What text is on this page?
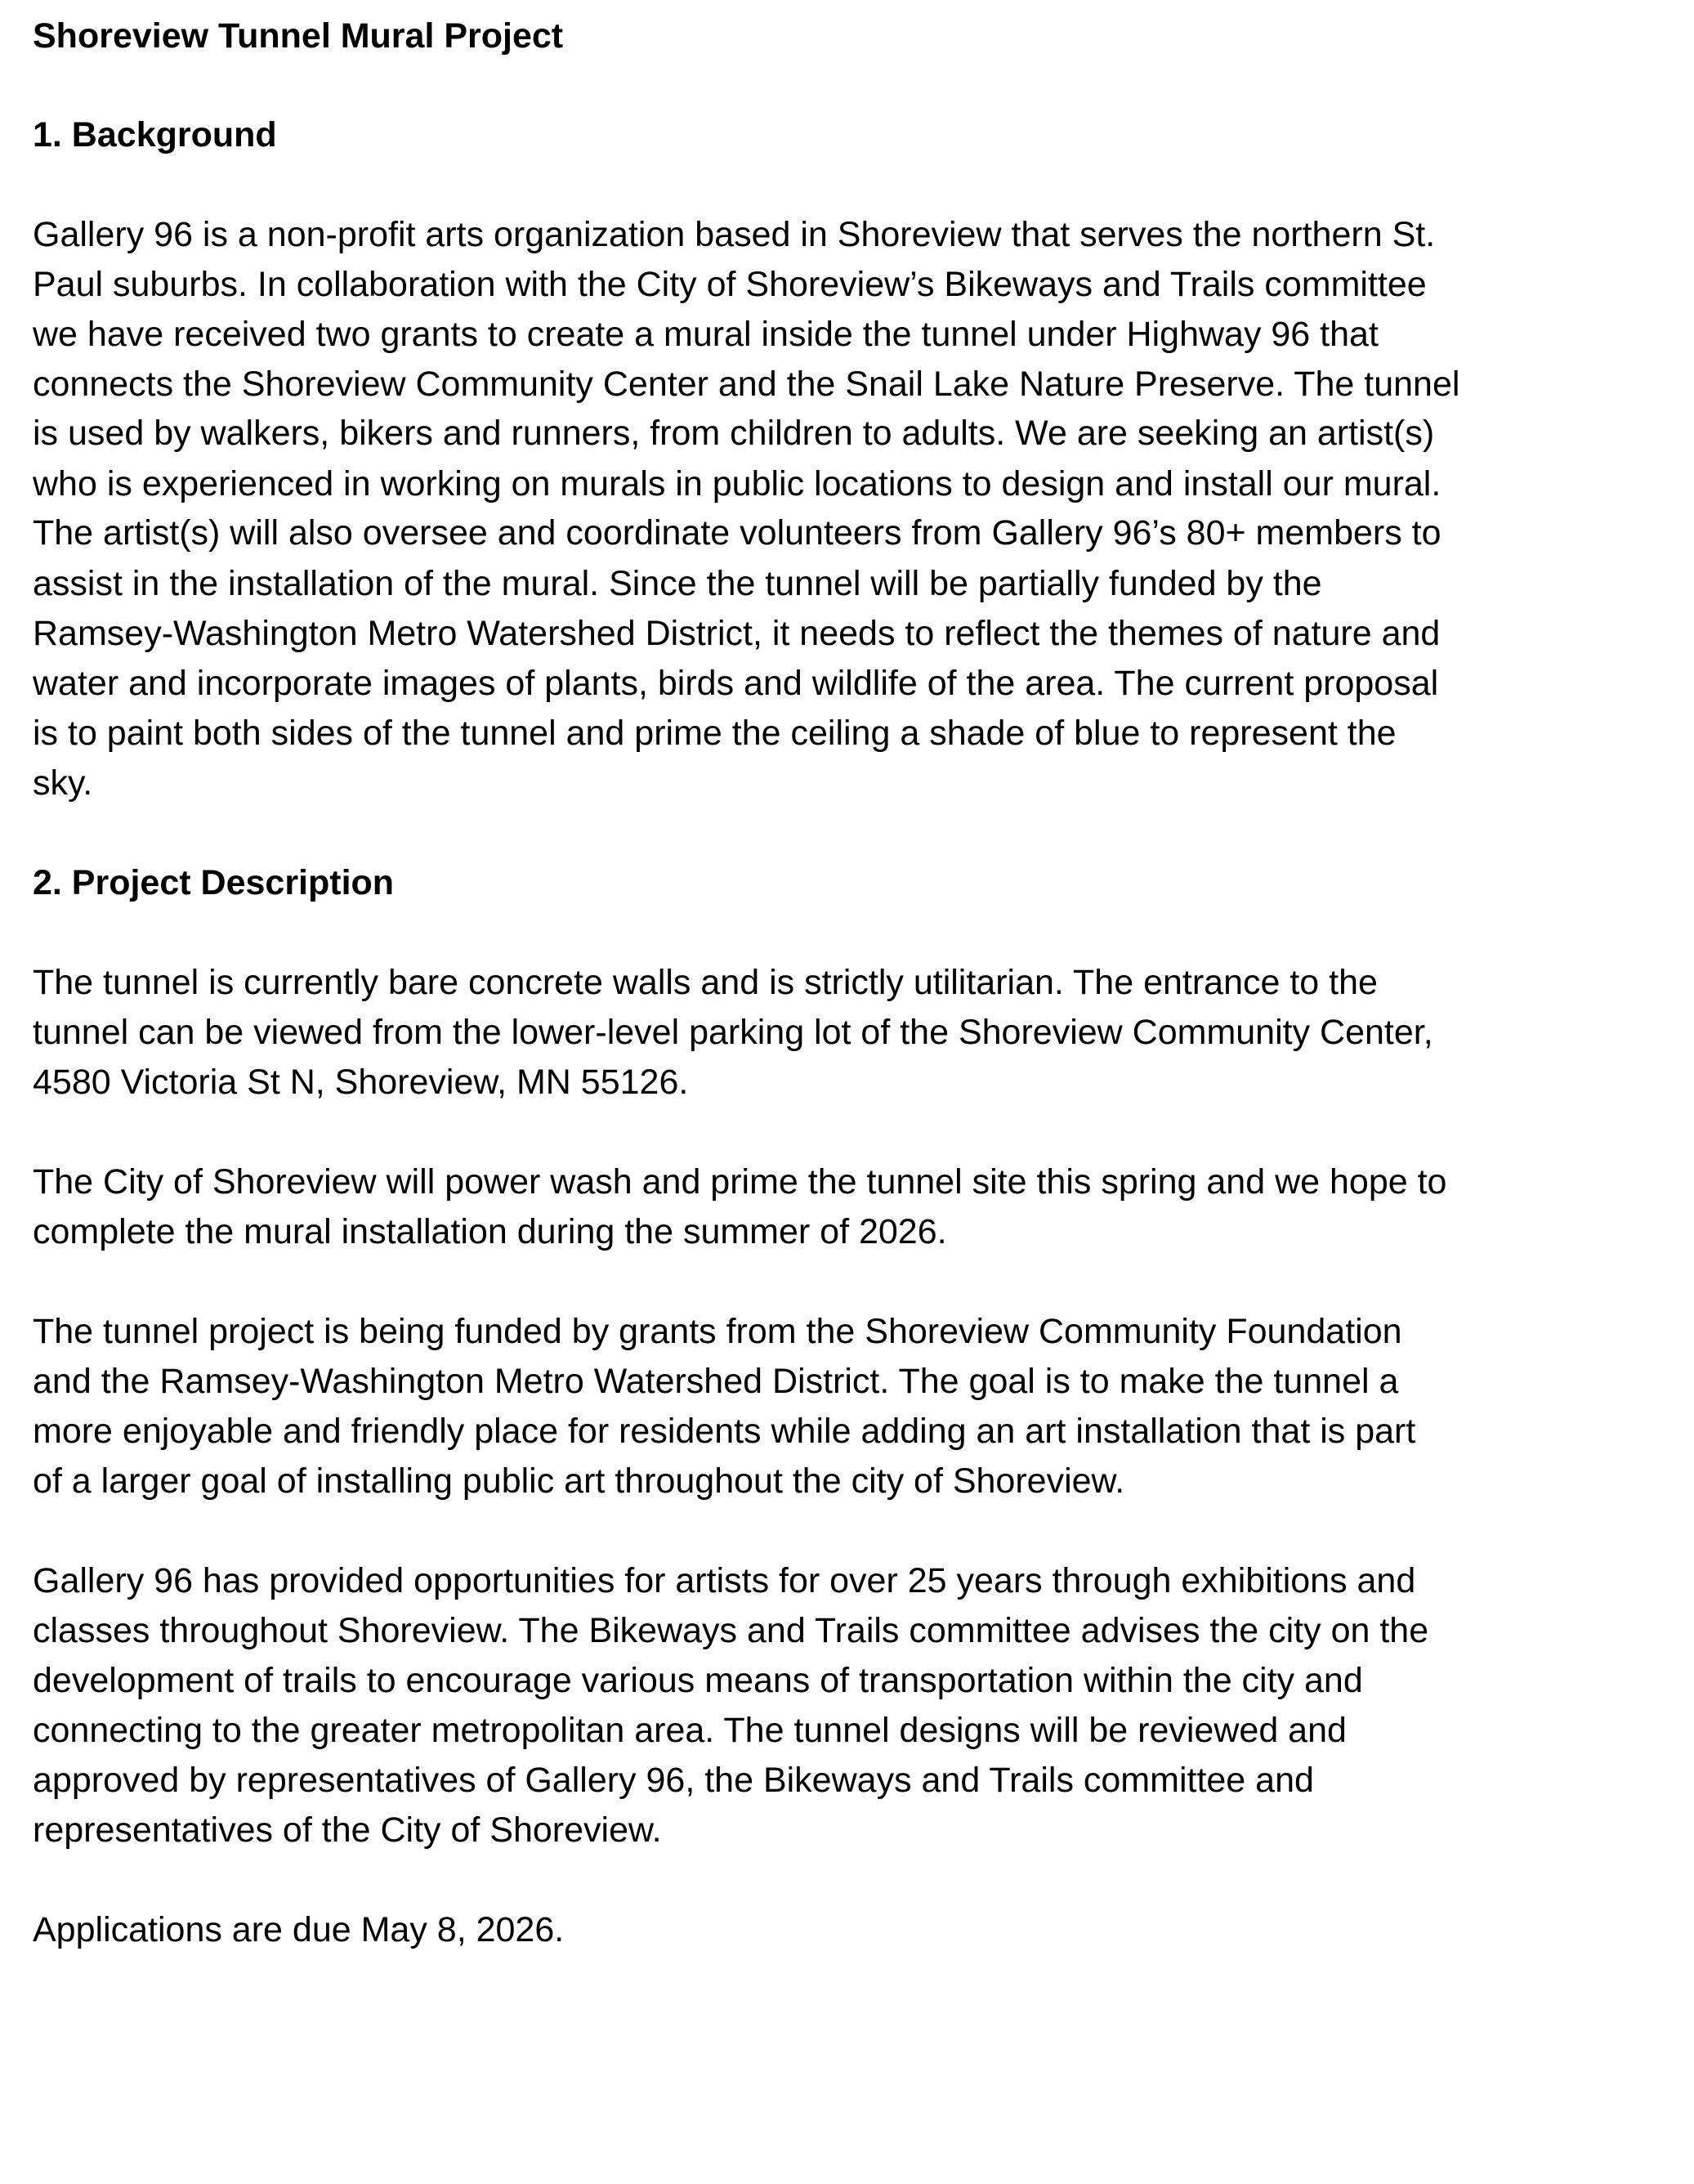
Shoreview Tunnel Mural Project
1. Background
Gallery 96 is a non-profit arts organization based in Shoreview that serves the northern St.
Paul suburbs. In collaboration with the City of Shoreview’s Bikeways and Trails committee
we have received two grants to create a mural inside the tunnel under Highway 96 that
connects the Shoreview Community Center and the Snail Lake Nature Preserve. The tunnel
is used by walkers, bikers and runners, from children to adults. We are seeking an artist(s)
who is experienced in working on murals in public locations to design and install our mural.
The artist(s) will also oversee and coordinate volunteers from Gallery 96’s 80+ members to
assist in the installation of the mural. Since the tunnel will be partially funded by the
Ramsey-Washington Metro Watershed District, it needs to reflect the themes of nature and
water and incorporate images of plants, birds and wildlife of the area. The current proposal
is to paint both sides of the tunnel and prime the ceiling a shade of blue to represent the
sky.
2. Project Description
The tunnel is currently bare concrete walls and is strictly utilitarian. The entrance to the
tunnel can be viewed from the lower-level parking lot of the Shoreview Community Center,
4580 Victoria St N, Shoreview, MN 55126.
The City of Shoreview will power wash and prime the tunnel site this spring and we hope to
complete the mural installation during the summer of 2026.
The tunnel project is being funded by grants from the Shoreview Community Foundation
and the Ramsey-Washington Metro Watershed District. The goal is to make the tunnel a
more enjoyable and friendly place for residents while adding an art installation that is part
of a larger goal of installing public art throughout the city of Shoreview.
Gallery 96 has provided opportunities for artists for over 25 years through exhibitions and
classes throughout Shoreview. The Bikeways and Trails committee advises the city on the
development of trails to encourage various means of transportation within the city and
connecting to the greater metropolitan area. The tunnel designs will be reviewed and
approved by representatives of Gallery 96, the Bikeways and Trails committee and
representatives of the City of Shoreview.
Applications are due May 8, 2026.
